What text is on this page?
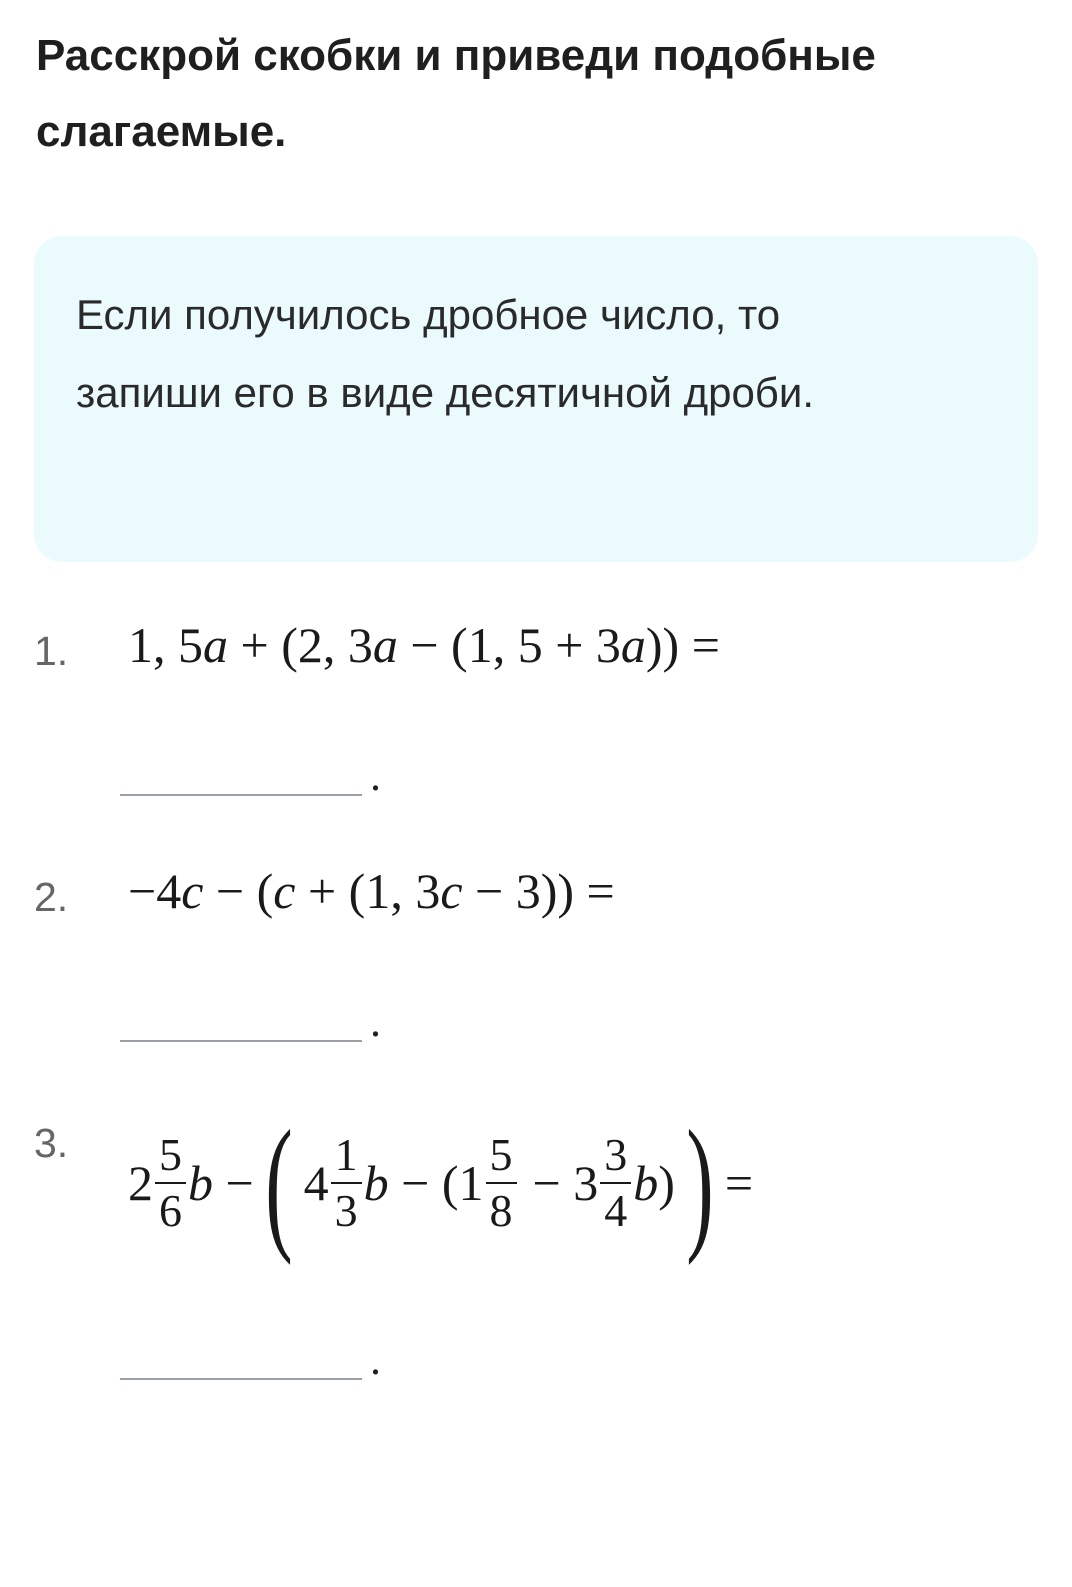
Расскрой скобки и приведи подобные слагаемые.

Если получилось дробное число, то запиши его в виде десятичной дроби.

1. 1, 5a + (2, 3a − (1, 5 + 3a)) =
.
2. −4c − (c + (1, 3c − 3)) =
.
3.
$2 \frac{5}{6}$ b − ( $4 \frac{1}{3}$ $b - (1 \frac{5}{8} - 3 \frac{3}{4} b)$ ) =
.
